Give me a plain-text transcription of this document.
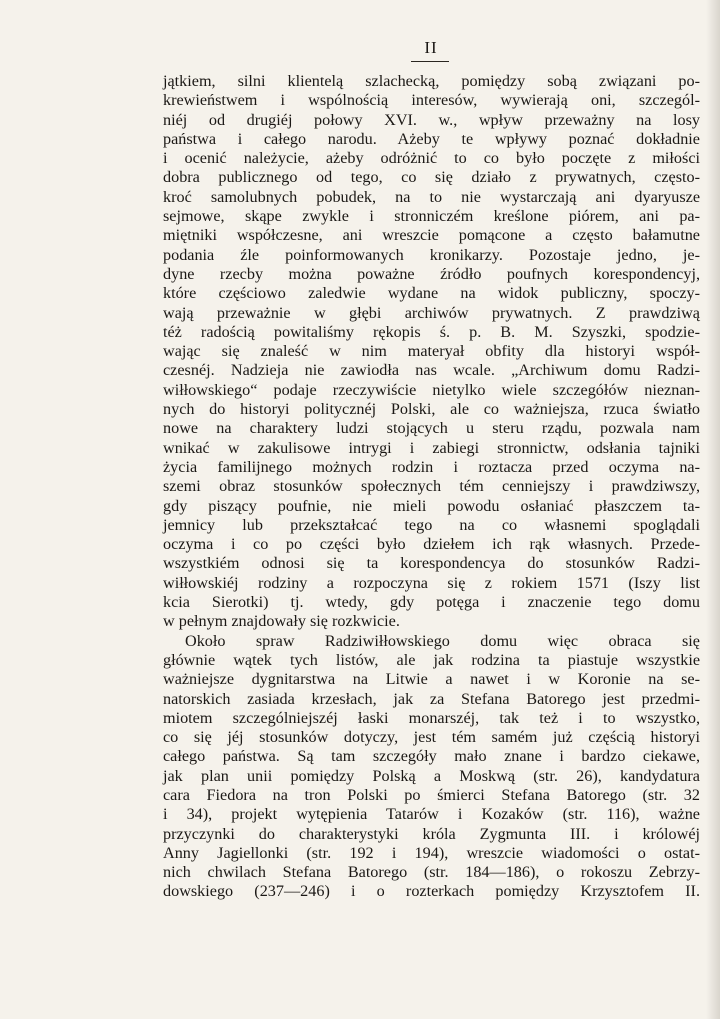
II
jątkiem, silni klientelą szlachecką, pomiędzy sobą związani po-
krewieństwem i wspólnością interesów, wywierają oni, szczegól-
niéj od drugiéj połowy XVI. w., wpływ przeważny na losy
państwa i całego narodu. Ażeby te wpływy poznać dokładnie
i ocenić należycie, ażeby odróżnić to co było poczęte z miłości
dobra publicznego od tego, co się działo z prywatnych, często-
kroć samolubnych pobudek, na to nie wystarczają ani dyaryusze
sejmowe, skąpe zwykle i stronniczém kreślone piórem, ani pa-
miętniki współczesne, ani wreszcie pomącone a często bałamutne
podania źle poinformowanych kronikarzy. Pozostaje jedno, je-
dyne rzecby można poważne źródło poufnych korespondencyj,
które częściowo zaledwie wydane na widok publiczny, spoczy-
wają przeważnie w głębi archiwów prywatnych. Z prawdziwą
téż radością powitaliśmy rękopis ś. p. B. M. Szyszki, spodzie-
wając się znaleść w nim materyał obfity dla historyi współ-
czesnéj. Nadzieja nie zawiodła nas wcale. „Archiwum domu Radzi-
wiłłowskiego“ podaje rzeczywiście nietylko wiele szczegółów nieznan-
nych do historyi politycznéj Polski, ale co ważniejsza, rzuca światło
nowe na charaktery ludzi stojących u steru rządu, pozwala nam
wnikać w zakulisowe intrygi i zabiegi stronnictw, odsłania tajniki
życia familijnego możnych rodzin i roztacza przed oczyma na-
szemi obraz stosunków społecznych tém cenniejszy i prawdziwszy,
gdy piszący poufnie, nie mieli powodu osłaniać płaszczem ta-
jemnicy lub przekształcać tego na co własnemi spoglądali
oczyma i co po części było dziełem ich rąk własnych. Przede-
wszystkiém odnosi się ta korespondencya do stosunków Radzi-
wiłłowskiéj rodziny a rozpoczyna się z rokiem 1571 (Iszy list
kcia Sierotki) tj. wtedy, gdy potęga i znaczenie tego domu
w pełnym znajdowały się rozkwicie.
Około spraw Radziwiłłowskiego domu więc obraca się
głównie wątek tych listów, ale jak rodzina ta piastuje wszystkie
ważniejsze dygnitarstwa na Litwie a nawet i w Koronie na se-
natorskich zasiada krzesłach, jak za Stefana Batorego jest przedmi-
miotem szczególniejszéj łaski monarszéj, tak też i to wszystko,
co się jéj stosunków dotyczy, jest tém samém już częścią historyi
całego państwa. Są tam szczegóły mało znane i bardzo ciekawe,
jak plan unii pomiędzy Polską a Moskwą (str. 26), kandydatura
cara Fiedora na tron Polski po śmierci Stefana Batorego (str. 32
i 34), projekt wytępienia Tatarów i Kozaków (str. 116), ważne
przyczynki do charakterystyki króla Zygmunta III. i królowéj
Anny Jagiellonki (str. 192 i 194), wreszcie wiadomości o ostat-
nich chwilach Stefana Batorego (str. 184—186), o rokoszu Zebrzy-
dowskiego (237—246) i o rozterkach pomiędzy Krzysztofem II.
